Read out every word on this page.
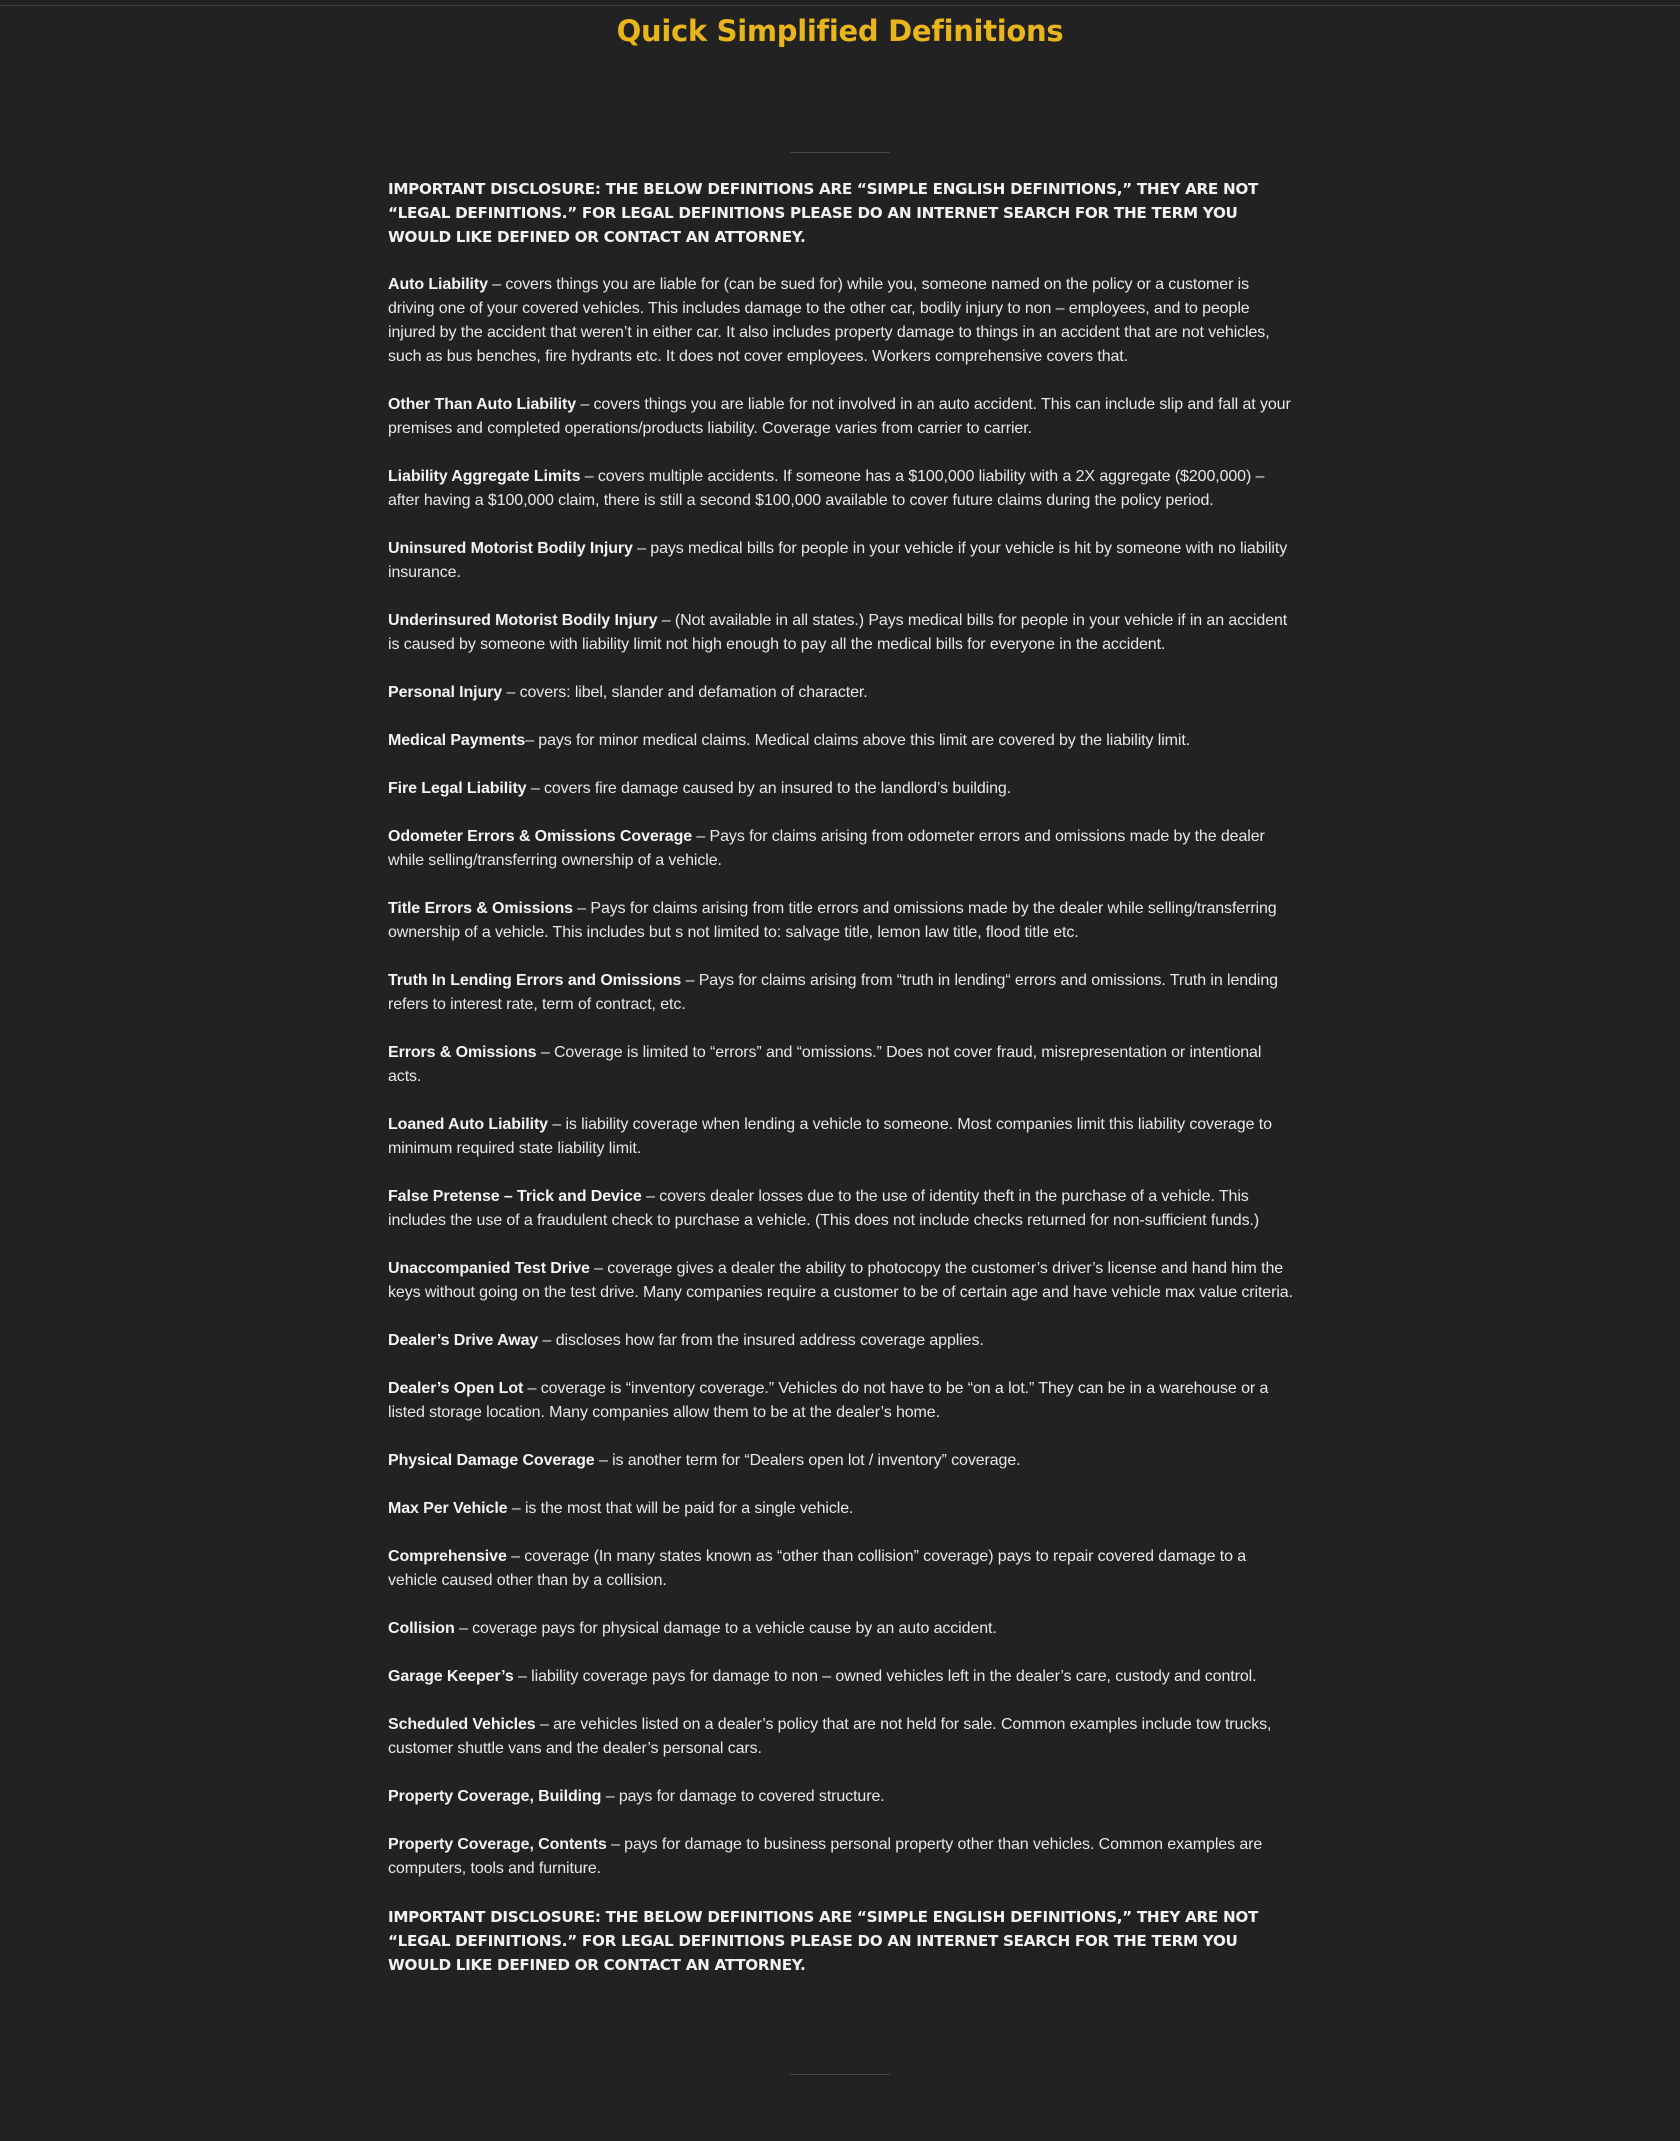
Quick Simplified Definitions

IMPORTANT DISCLOSURE: THE BELOW DEFINITIONS ARE “SIMPLE ENGLISH DEFINITIONS,” THEY ARE NOT “LEGAL DEFINITIONS.” FOR LEGAL DEFINITIONS PLEASE DO AN INTERNET SEARCH FOR THE TERM YOU WOULD LIKE DEFINED OR CONTACT AN ATTORNEY.

Auto Liability – covers things you are liable for (can be sued for) while you, someone named on the policy or a customer is driving one of your covered vehicles. This includes damage to the other car, bodily injury to non – employees, and to people injured by the accident that weren’t in either car. It also includes property damage to things in an accident that are not vehicles, such as bus benches, fire hydrants etc. It does not cover employees. Workers comprehensive covers that.

Other Than Auto Liability – covers things you are liable for not involved in an auto accident. This can include slip and fall at your premises and completed operations/products liability. Coverage varies from carrier to carrier.

Liability Aggregate Limits – covers multiple accidents. If someone has a $100,000 liability with a 2X aggregate ($200,000) – after having a $100,000 claim, there is still a second $100,000 available to cover future claims during the policy period.

Uninsured Motorist Bodily Injury – pays medical bills for people in your vehicle if your vehicle is hit by someone with no liability insurance.

Underinsured Motorist Bodily Injury – (Not available in all states.) Pays medical bills for people in your vehicle if in an accident is caused by someone with liability limit not high enough to pay all the medical bills for everyone in the accident.

Personal Injury – covers: libel, slander and defamation of character.

Medical Payments– pays for minor medical claims. Medical claims above this limit are covered by the liability limit.

Fire Legal Liability – covers fire damage caused by an insured to the landlord’s building.

Odometer Errors & Omissions Coverage – Pays for claims arising from odometer errors and omissions made by the dealer while selling/transferring ownership of a vehicle.

Title Errors & Omissions – Pays for claims arising from title errors and omissions made by the dealer while selling/transferring ownership of a vehicle. This includes but s not limited to: salvage title, lemon law title, flood title etc.

Truth In Lending Errors and Omissions – Pays for claims arising from “truth in lending“ errors and omissions. Truth in lending refers to interest rate, term of contract, etc.

Errors & Omissions – Coverage is limited to “errors” and “omissions.” Does not cover fraud, misrepresentation or intentional acts.

Loaned Auto Liability – is liability coverage when lending a vehicle to someone. Most companies limit this liability coverage to minimum required state liability limit.

False Pretense – Trick and Device – covers dealer losses due to the use of identity theft in the purchase of a vehicle. This includes the use of a fraudulent check to purchase a vehicle. (This does not include checks returned for non-sufficient funds.)

Unaccompanied Test Drive – coverage gives a dealer the ability to photocopy the customer’s driver’s license and hand him the keys without going on the test drive. Many companies require a customer to be of certain age and have vehicle max value criteria.

Dealer’s Drive Away – discloses how far from the insured address coverage applies.

Dealer’s Open Lot – coverage is “inventory coverage.” Vehicles do not have to be “on a lot.” They can be in a warehouse or a listed storage location. Many companies allow them to be at the dealer’s home.

Physical Damage Coverage – is another term for “Dealers open lot / inventory” coverage.

Max Per Vehicle – is the most that will be paid for a single vehicle.

Comprehensive – coverage (In many states known as “other than collision” coverage) pays to repair covered damage to a vehicle caused other than by a collision.

Collision – coverage pays for physical damage to a vehicle cause by an auto accident.

Garage Keeper’s – liability coverage pays for damage to non – owned vehicles left in the dealer’s care, custody and control.

Scheduled Vehicles – are vehicles listed on a dealer’s policy that are not held for sale. Common examples include tow trucks, customer shuttle vans and the dealer’s personal cars.

Property Coverage, Building – pays for damage to covered structure.

Property Coverage, Contents – pays for damage to business personal property other than vehicles. Common examples are computers, tools and furniture.

IMPORTANT DISCLOSURE: THE BELOW DEFINITIONS ARE “SIMPLE ENGLISH DEFINITIONS,” THEY ARE NOT “LEGAL DEFINITIONS.” FOR LEGAL DEFINITIONS PLEASE DO AN INTERNET SEARCH FOR THE TERM YOU WOULD LIKE DEFINED OR CONTACT AN ATTORNEY.
